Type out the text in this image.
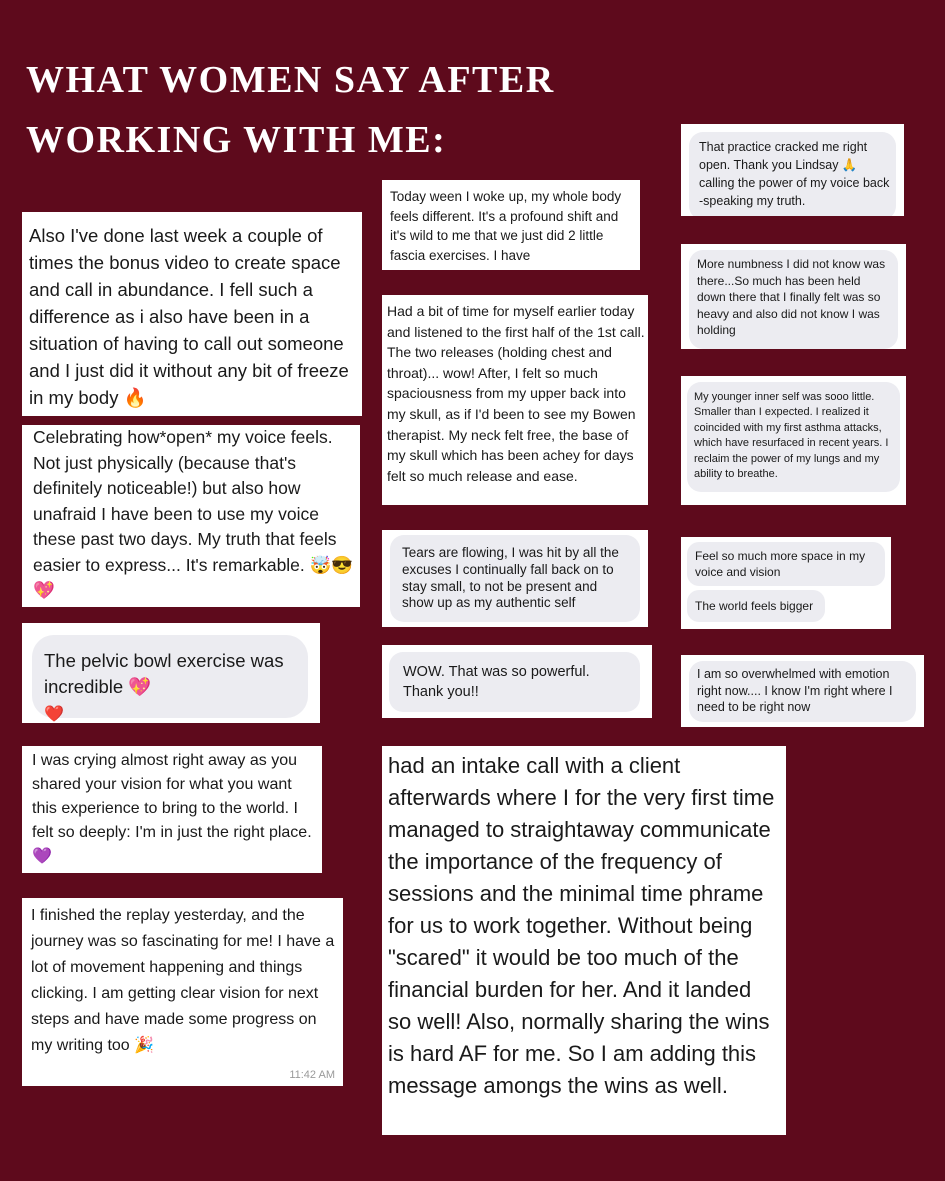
WHAT WOMEN SAY AFTER
WORKING WITH ME:

Also I've done last week a couple of times the bonus video to create space and call in abundance. I fell such a difference as i also have been in a situation of having to call out someone and I just did it without any bit of freeze in my body 🔥

Celebrating how*open* my voice feels. Not just physically (because that's definitely noticeable!) but also how unafraid I have been to use my voice these past two days. My truth that feels easier to express... It's remarkable. 🤯😎💖

The pelvic bowl exercise was incredible 💖

❤️

I was crying almost right away as you shared your vision for what you want this experience to bring to the world. I felt so deeply: I'm in just the right place. 💜

I finished the replay yesterday, and the journey was so fascinating for me! I have a lot of movement happening and things clicking. I am getting clear vision for next steps and have made some progress on my writing too 🎉

11:42 AM

Today ween I woke up, my whole body feels different. It's a profound shift and it's wild to me that we just did 2 little fascia exercises. I have

Had a bit of time for myself earlier today and listened to the first half of the 1st call. The two releases (holding chest and throat)... wow! After, I felt so much spaciousness from my upper back into my skull, as if I'd been to see my Bowen therapist. My neck felt free, the base of my skull which has been achey for days felt so much release and ease.

Tears are flowing, I was hit by all the excuses I continually fall back on to stay small, to not be present and show up as my authentic self

WOW. That was so powerful. Thank you!!

had an intake call with a client afterwards where I for the very first time managed to straightaway communicate the importance of the frequency of sessions and the minimal time phrame for us to work together. Without being "scared" it would be too much of the financial burden for her. And it landed so well! Also, normally sharing the wins is hard AF for me. So I am adding this message amongs the wins as well.

That practice cracked me right open. Thank you Lindsay 🙏 calling the power of my voice back -speaking my truth.

More numbness I did not know was there...So much has been held down there that I finally felt was so heavy and also did not know I was holding

My younger inner self was sooo little. Smaller than I expected. I realized it coincided with my first asthma attacks, which have resurfaced in recent years. I reclaim the power of my lungs and my ability to breathe.

Feel so much more space in my voice and vision

The world feels bigger

I am so overwhelmed with emotion right now.... I know I'm right where I need to be right now
